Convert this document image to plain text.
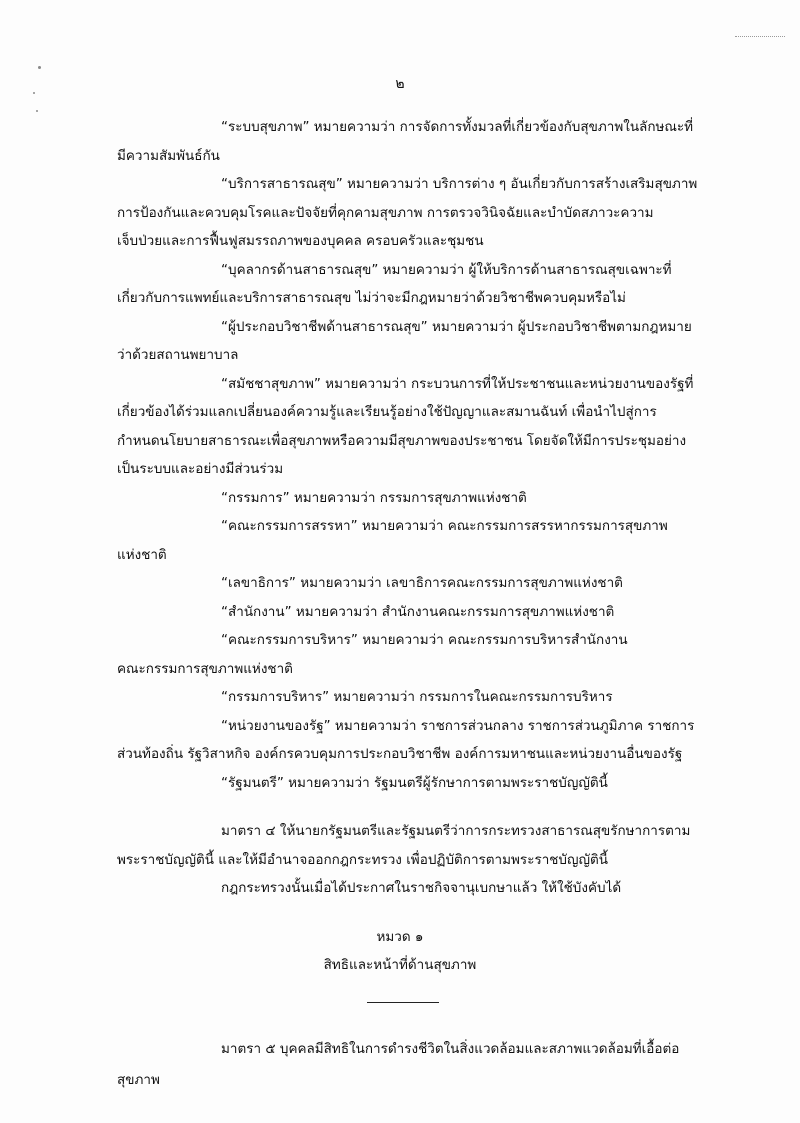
๒
“ระบบสุขภาพ” หมายความว่า การจัดการทั้งมวลที่เกี่ยวข้องกับสุขภาพในลักษณะที่
มีความสัมพันธ์กัน
“บริการสาธารณสุข” หมายความว่า บริการต่าง ๆ อันเกี่ยวกับการสร้างเสริมสุขภาพ
การป้องกันและควบคุมโรคและปัจจัยที่คุกคามสุขภาพ การตรวจวินิจฉัยและบำบัดสภาวะความ
เจ็บป่วยและการฟื้นฟูสมรรถภาพของบุคคล ครอบครัวและชุมชน
“บุคลากรด้านสาธารณสุข” หมายความว่า ผู้ให้บริการด้านสาธารณสุขเฉพาะที่
เกี่ยวกับการแพทย์และบริการสาธารณสุข ไม่ว่าจะมีกฎหมายว่าด้วยวิชาชีพควบคุมหรือไม่
“ผู้ประกอบวิชาชีพด้านสาธารณสุข” หมายความว่า ผู้ประกอบวิชาชีพตามกฎหมาย
ว่าด้วยสถานพยาบาล
“สมัชชาสุขภาพ” หมายความว่า กระบวนการที่ให้ประชาชนและหน่วยงานของรัฐที่
เกี่ยวข้องได้ร่วมแลกเปลี่ยนองค์ความรู้และเรียนรู้อย่างใช้ปัญญาและสมานฉันท์ เพื่อนำไปสู่การ
กำหนดนโยบายสาธารณะเพื่อสุขภาพหรือความมีสุขภาพของประชาชน โดยจัดให้มีการประชุมอย่าง
เป็นระบบและอย่างมีส่วนร่วม
“กรรมการ” หมายความว่า กรรมการสุขภาพแห่งชาติ
“คณะกรรมการสรรหา” หมายความว่า คณะกรรมการสรรหากรรมการสุขภาพ
แห่งชาติ
“เลขาธิการ” หมายความว่า เลขาธิการคณะกรรมการสุขภาพแห่งชาติ
“สำนักงาน” หมายความว่า สำนักงานคณะกรรมการสุขภาพแห่งชาติ
“คณะกรรมการบริหาร” หมายความว่า คณะกรรมการบริหารสำนักงาน
คณะกรรมการสุขภาพแห่งชาติ
“กรรมการบริหาร” หมายความว่า กรรมการในคณะกรรมการบริหาร
“หน่วยงานของรัฐ” หมายความว่า ราชการส่วนกลาง ราชการส่วนภูมิภาค ราชการ
ส่วนท้องถิ่น รัฐวิสาหกิจ องค์กรควบคุมการประกอบวิชาชีพ องค์การมหาชนและหน่วยงานอื่นของรัฐ
“รัฐมนตรี” หมายความว่า รัฐมนตรีผู้รักษาการตามพระราชบัญญัตินี้
มาตรา ๔ ให้นายกรัฐมนตรีและรัฐมนตรีว่าการกระทรวงสาธารณสุขรักษาการตาม
พระราชบัญญัตินี้ และให้มีอำนาจออกกฎกระทรวง เพื่อปฏิบัติการตามพระราชบัญญัตินี้
กฎกระทรวงนั้นเมื่อได้ประกาศในราชกิจจานุเบกษาแล้ว ให้ใช้บังคับได้
หมวด ๑
สิทธิและหน้าที่ด้านสุขภาพ
มาตรา ๕ บุคคลมีสิทธิในการดำรงชีวิตในสิ่งแวดล้อมและสภาพแวดล้อมที่เอื้อต่อ
สุขภาพ
